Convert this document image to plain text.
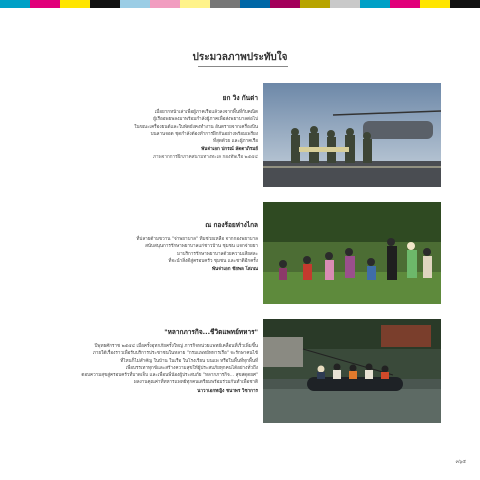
ประมวลภาพประทับใจ
ยก วิง กันต่า
เมื่อยากหน้าเล่าเพื่อผู้ภาคเรือแล้วลงจากพื้นที่กับคณิต
ผู้เรืออพยพลงมาพร้อมกำลังผู้ภาคเพื่อส่งพยาบาลต่อไป
ในขณะเครื่องยนต์และใบพัดยังคงทำงาน อันตรายจากเครื่องบิน
บนลานจอด ชุดกำลังต้องทำการฝึกกันอย่างพร้อมเพรียง
ที่สุดด้วย และผู้ภาคเรือ
พันจ่าเอก ปกรณ์ ลัดดาภิรมย์
ภาพจากการฝึกภาคสนามทางทะเล กองทัพเรือ ๒๕๕๔
ณ กองร้อยห่างไกล
ที่ปลายด้ามขวาน "จ่าพยาบาล" ทีมช่วยเหลือ จากกองพยาบาล
สนับสนุนการรักษาพยาบาลแก่ชาวบ้าน ชุมชน แจกจ่ายยา
มาบริการรักษาพยาบาลด้วยความเสียสละ
ที่จะนำสิ่งดีสู่ครอบครัว ชุมชน และชาติอีกครั้ง
พันจ่าเอก ชัยพล โสภณ
"หลากภารกิจ...ชีวิตแพทย์ทหาร"
ปีพุทธศักราช ๒๕๕๔ เมื่อครั้งอุทกภัยครั้งใหญ่ ภารกิจหน่วยแพทย์เคลื่อนที่เร็วเพิ่มขึ้น
ภายใต้เรื่องราวเพื่อรับบริการประชาชนในหลาย "กรมแพทย์ทหารเรือ" จะรักษาคนไข้
ที่ไหนก็ไม่สำคัญ ในบ้าน ในเรือ ในโรงเรียน บนแพ หรือในพื้นที่ทุกพื้นที่
เพื่อบรรเทาทุกข์และสร้างความสุขให้ผู้ประสบภัยทุกคนได้อย่างทั่วถึง
ตอบความสุขสู่ครอบครัวที่บาดเจ็บ และเพื่อนพี่น้องผู้ประสบภัย "หลากภารกิจ... สุขสดุดยศ"
ผลงานคุณค่าที่ทหารแพทย์ทุกคนเตรียมพร้อมร่วมกันทำเพื่อชาติ
นาวาเอกหญิง ชนาพร วิชาการ
๓๖๕
